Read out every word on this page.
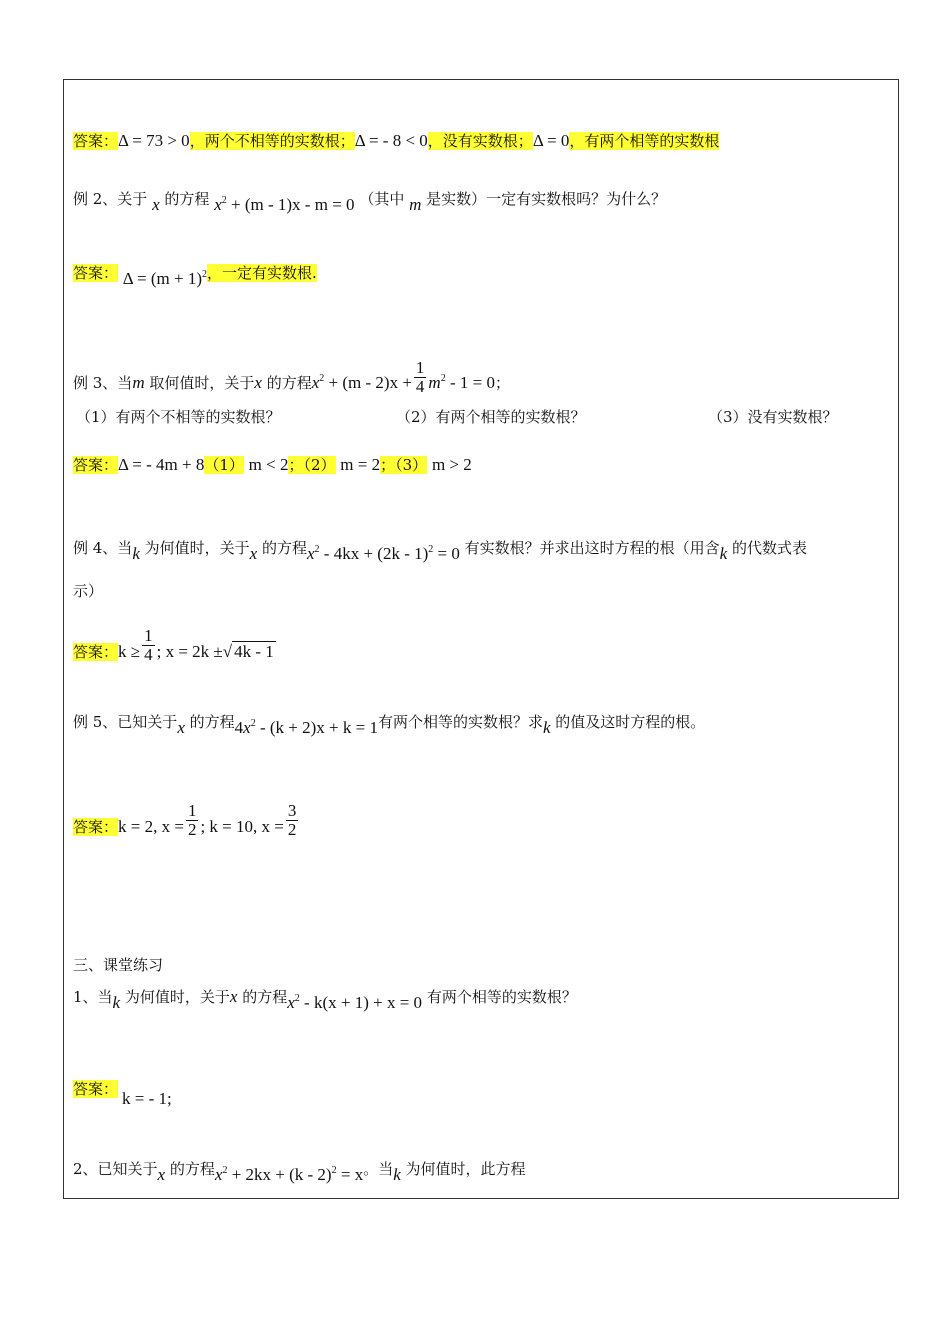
答案：Δ = 73 > 0，两个不相等的实数根；Δ = - 8 < 0，没有实数根；Δ = 0，有两个相等的实数根
例 2、关于 x 的方程 $x^2 + (m - 1)x - m = 0$ （其中 m 是实数）一定有实数根吗？为什么？
答案： $\Delta = (m + 1)^2$，一定有实数根.
例 3、当m 取何值时，关于x 的方程$x^2 + (m - 2)x + \frac{1}{4} m^2 - 1 = 0$；
（1）有两个不相等的实数根？	（2）有两个相等的实数根？	（3）没有实数根？
答案：Δ = - 4m + 8（1） m < 2；（2） m = 2；（3） m > 2
例 4、当k 为何值时，关于x 的方程$x^2 - 4kx + (2k - 1)^2 = 0$ 有实数根？并求出这时方程的根（用含k 的代数式表
示）
答案：$k \ge \frac{1}{4}$ ; x = 2k ±√ 4k - 1
例 5、已知关于x 的方程$4x^2 - (k + 2)x + k = 1$有两个相等的实数根？求k 的值及这时方程的根。
答案：k = 2, $x = \frac{1}{2}$ ; k = 10, $x = \frac{3}{2}$
三、课堂练习
1、当k 为何值时，关于x 的方程$x^2 - k(x + 1) + x = 0$ 有两个相等的实数根？
答案： k = - 1;
2、已知关于x 的方程$x^2 + 2kx + (k - 2)^2 = x$。当k 为何值时，此方程
